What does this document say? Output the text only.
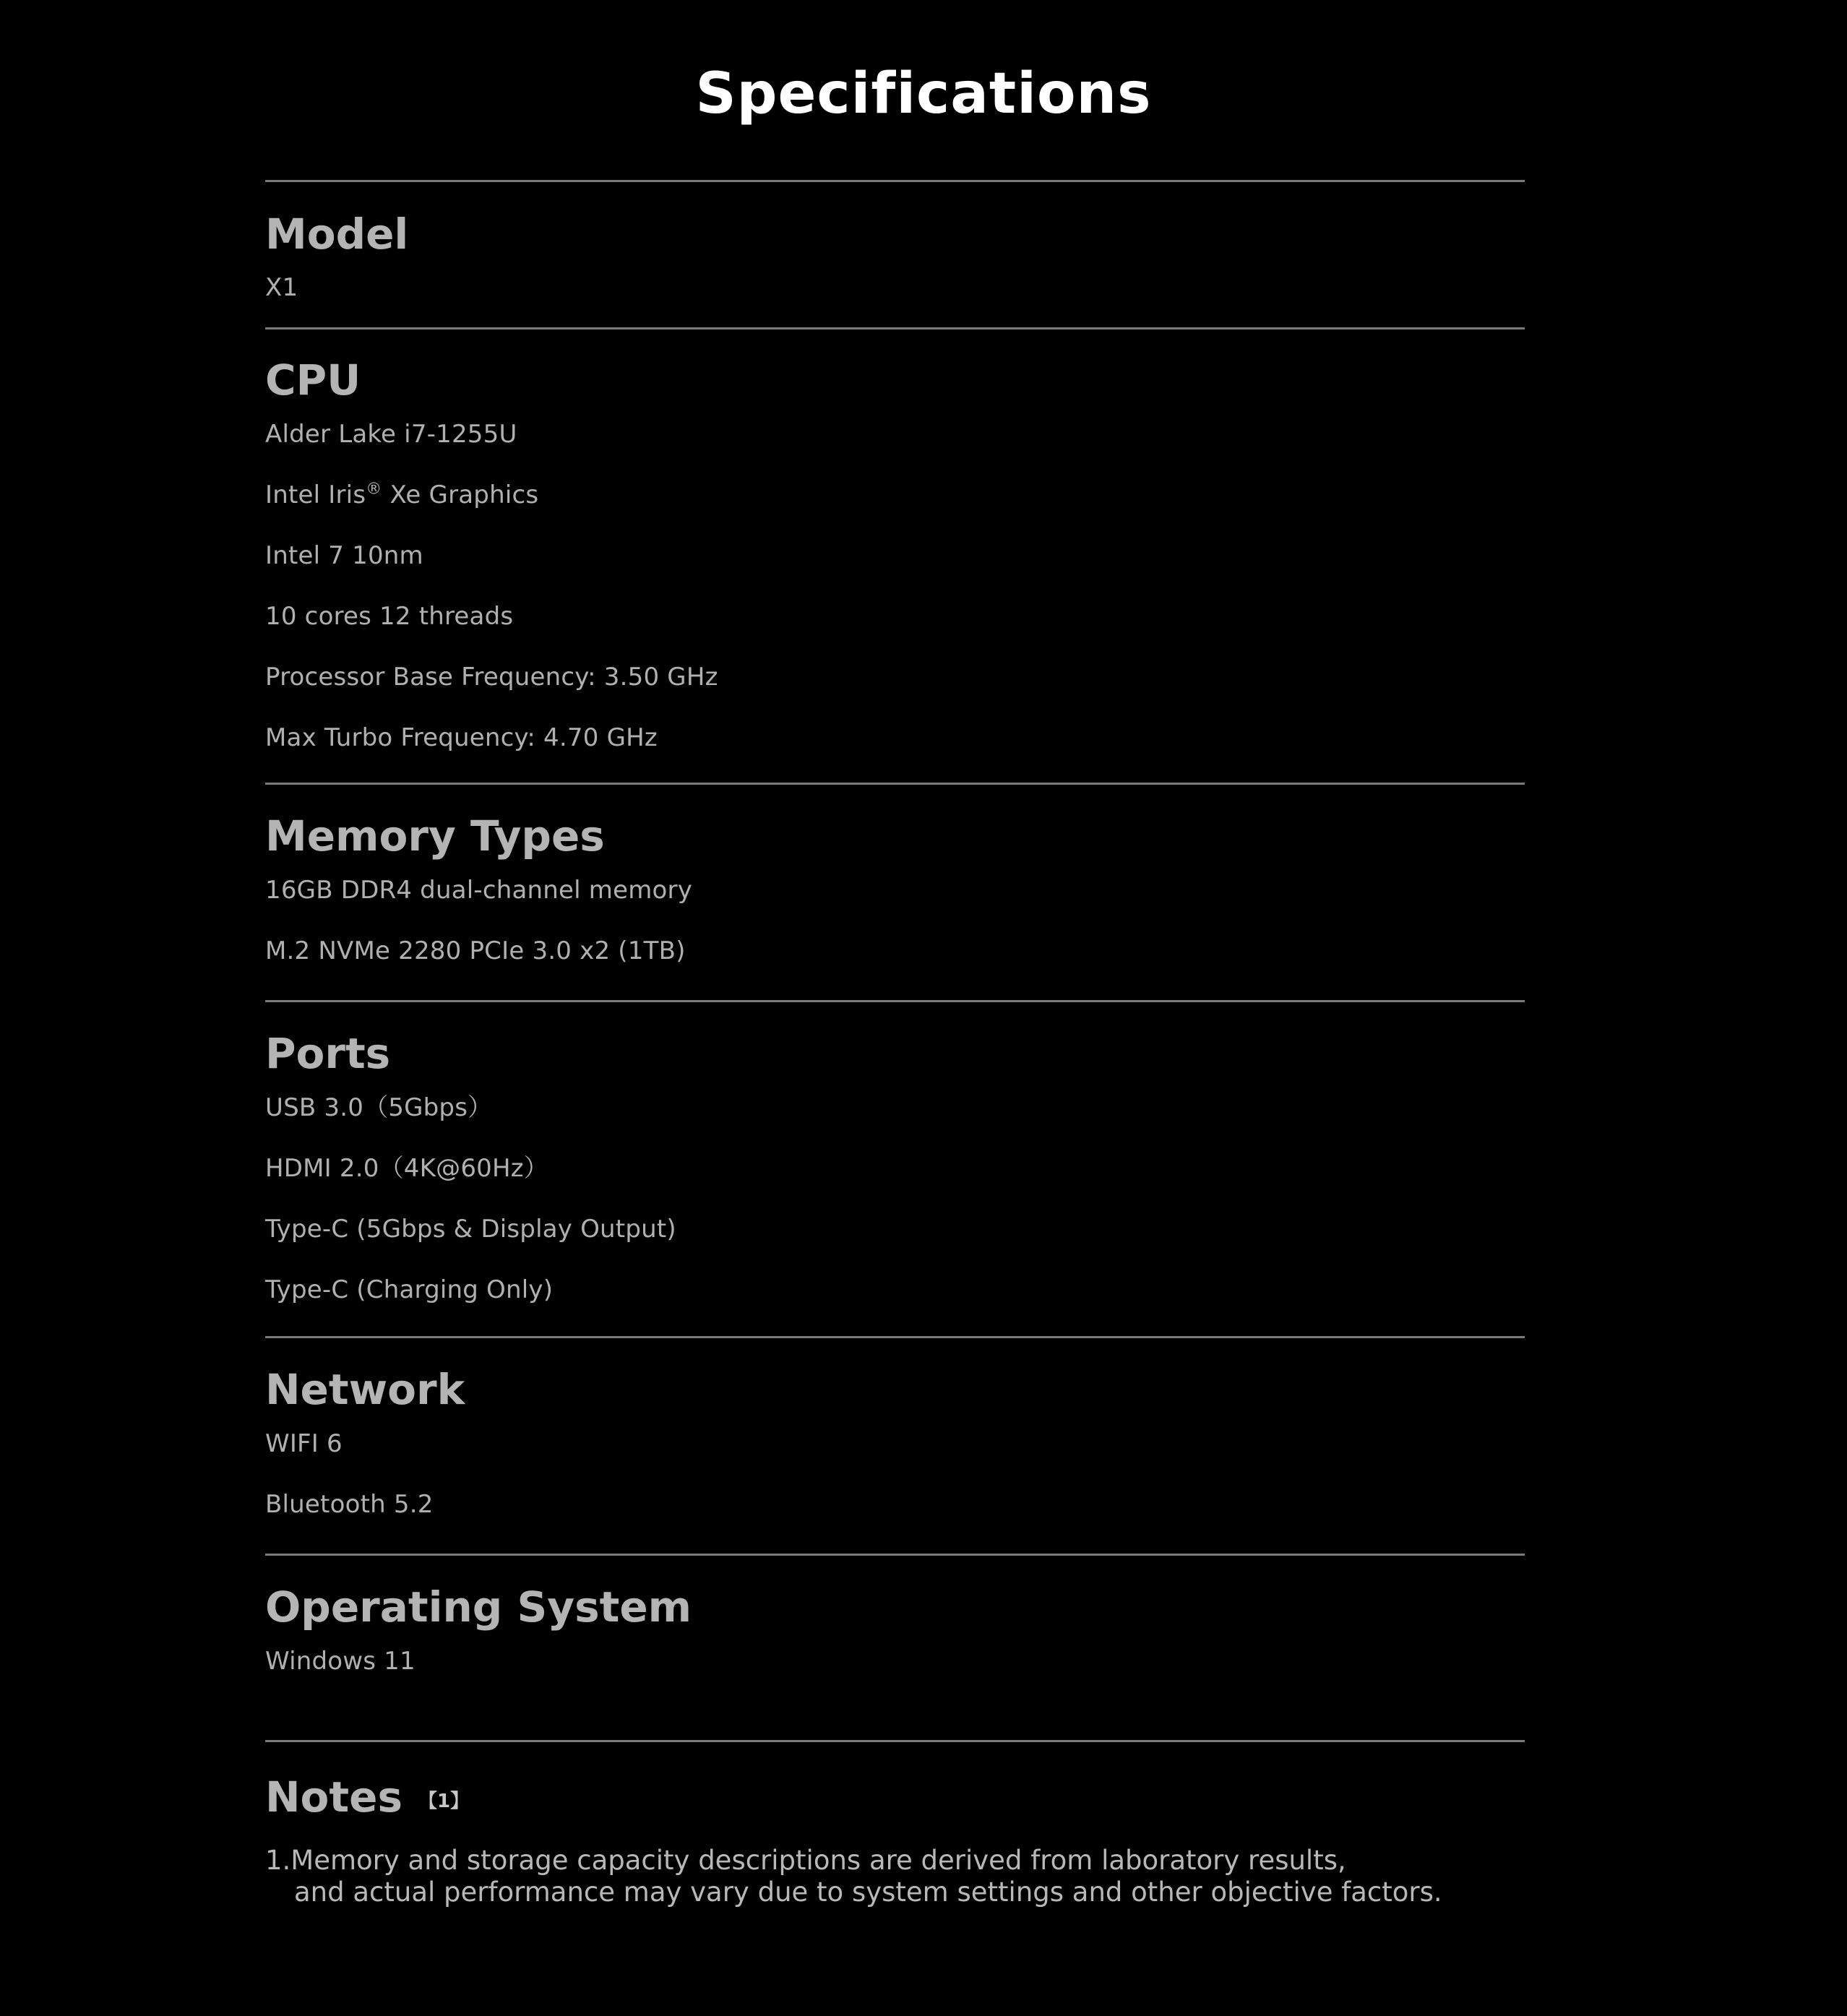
Specifications
Model
X1
CPU
Alder Lake i7-1255U
Intel Iris® Xe Graphics
Intel 7 10nm
10 cores 12 threads
Processor Base Frequency: 3.50 GHz
Max Turbo Frequency: 4.70 GHz
Memory Types
16GB DDR4 dual-channel memory
M.2 NVMe 2280 PCIe 3.0 x2 (1TB)
Ports
USB 3.0（5Gbps）
HDMI 2.0（4K@60Hz）
Type-C (5Gbps & Display Output)
Type-C (Charging Only)
Network
WIFI 6
Bluetooth 5.2
Operating System
Windows 11
Notes $^{【1】}$
1.Memory and storage capacity descriptions are derived from laboratory results,
and actual performance may vary due to system settings and other objective factors.
